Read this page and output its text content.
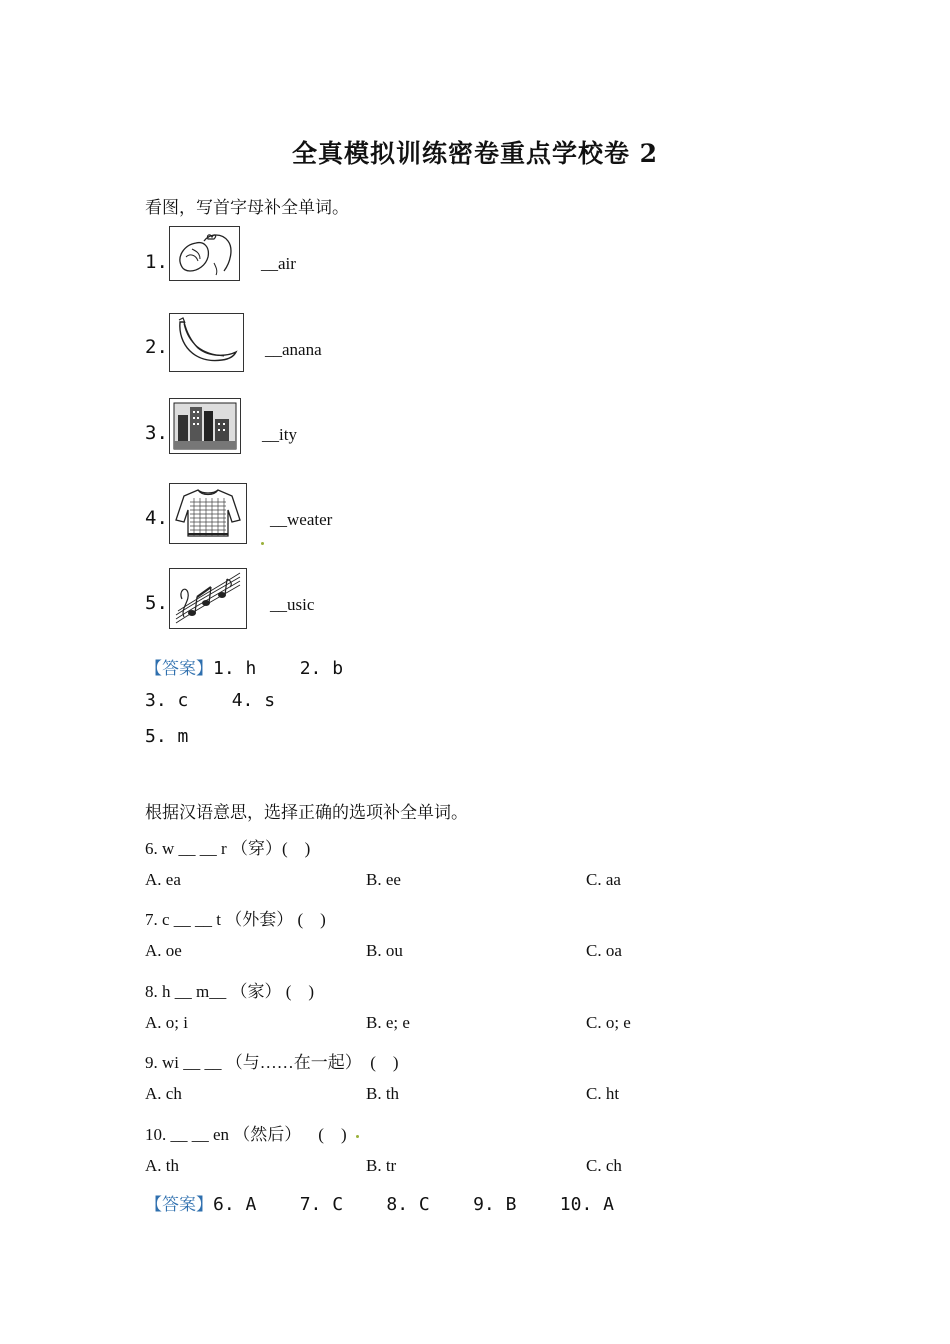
全真模拟训练密卷重点学校卷 2
看图，写首字母补全单词。
1.	__air
2.	__anana
3.	__ity
4.	__weater
5.	__usic
【答案】1. h    2. b
3. c    4. s
5. m
根据汉语意思，选择正确的选项补全单词。
6. w __ __ r （穿）(    )
A. ea	B. ee	C. aa
7. c __ __ t （外套） (    )
A. oe	B. ou	C. oa
8. h __ m__ （家） (    )
A. o; i	B. e; e	C. o; e
9. wi __ __ （与……在一起）  (    )
A. ch	B. th	C. ht
10. __ __ en （然后）    (    )
A. th	B. tr	C. ch
【答案】6. A    7. C    8. C    9. B    10. A
